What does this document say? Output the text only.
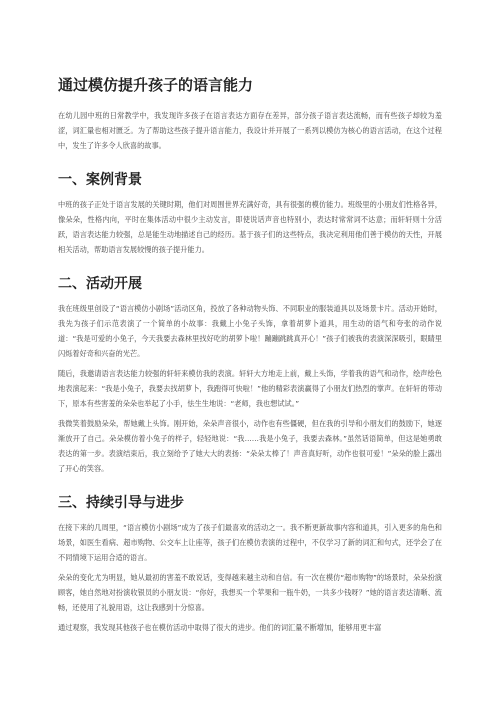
通过模仿提升孩子的语言能力

在幼儿园中班的日常教学中，我发现许多孩子在语言表达方面存在差异，部分孩子语言表达流畅，而有些孩子却较为羞涩，词汇量也相对匮乏。为了帮助这些孩子提升语言能力，我设计并开展了一系列以模仿为核心的语言活动，在这个过程中，发生了许多令人欣喜的故事。

一、案例背景

中班的孩子正处于语言发展的关键时期，他们对周围世界充满好奇，具有很强的模仿能力。班级里的小朋友们性格各异，像朵朵，性格内向，平时在集体活动中很少主动发言，即使说话声音也特别小，表达时常常词不达意；而轩轩则十分活跃，语言表达能力较强，总是能生动地描述自己的经历。基于孩子们的这些特点，我决定利用他们善于模仿的天性，开展相关活动，帮助语言发展较慢的孩子提升能力。

二、活动开展

我在班级里创设了“语言模仿小剧场”活动区角，投放了各种动物头饰、不同职业的服装道具以及场景卡片。活动开始时，我先为孩子们示范表演了一个简单的小故事：我戴上小兔子头饰，拿着胡萝卜道具，用生动的语气和夸张的动作说道：“我是可爱的小兔子，今天我要去森林里找好吃的胡萝卜啦！蹦蹦跳跳真开心！”孩子们被我的表演深深吸引，眼睛里闪烁着好奇和兴奋的光芒。

随后，我邀请语言表达能力较强的轩轩来模仿我的表演。轩轩大方地走上前，戴上头饰，学着我的语气和动作，绘声绘色地表演起来：“我是小兔子，我要去找胡萝卜，我跑得可快啦！”他的精彩表演赢得了小朋友们热烈的掌声。在轩轩的带动下，原本有些害羞的朵朵也举起了小手，怯生生地说：“老师，我也想试试。”

我微笑着鼓励朵朵，帮她戴上头饰。刚开始，朵朵声音很小，动作也有些僵硬，但在我的引导和小朋友们的鼓励下，她逐渐放开了自己。朵朵模仿着小兔子的样子，轻轻地说：“我……我是小兔子，我要去森林。”虽然话语简单，但这是她勇敢表达的第一步。表演结束后，我立刻给予了她大大的表扬：“朵朵太棒了！声音真好听，动作也很可爱！”朵朵的脸上露出了开心的笑容。

三、持续引导与进步

在接下来的几周里，“语言模仿小剧场”成为了孩子们最喜欢的活动之一。我不断更新故事内容和道具，引入更多的角色和场景，如医生看病、超市购物、公交车上让座等，孩子们在模仿表演的过程中，不仅学习了新的词汇和句式，还学会了在不同情境下运用合适的语言。

朵朵的变化尤为明显，她从最初的害羞不敢说话，变得越来越主动和自信。有一次在模仿“超市购物”的场景时，朵朵扮演顾客，她自然地对扮演收银员的小朋友说：“你好，我想买一个苹果和一瓶牛奶，一共多少钱呀？”她的语言表达清晰、流畅，还使用了礼貌用语，这让我感到十分惊喜。

通过观察，我发现其他孩子也在模仿活动中取得了很大的进步。他们的词汇量不断增加，能够用更丰富
